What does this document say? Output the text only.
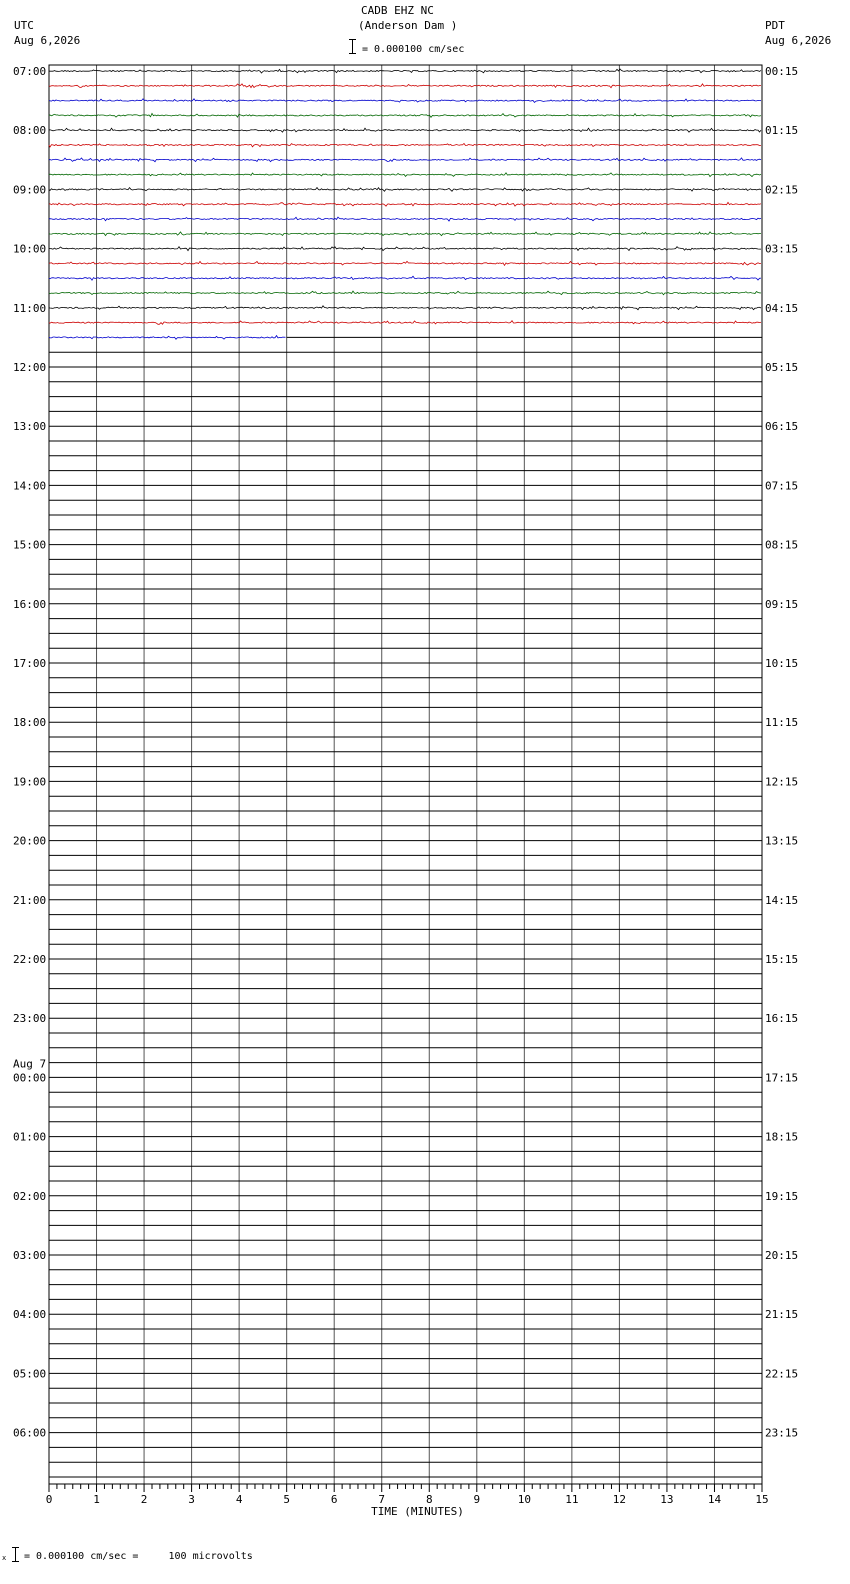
CADB EHZ NC
(Anderson Dam )
= 0.000100 cm/sec
UTC
Aug 6,2026
PDT
Aug 6,2026
07:00
08:00
09:00
10:00
11:00
12:00
13:00
14:00
15:00
16:00
17:00
18:00
19:00
20:00
21:00
22:00
23:00
00:00
Aug 7
01:00
02:00
03:00
04:00
05:00
06:00
00:15
01:15
02:15
03:15
04:15
05:15
06:15
07:15
08:15
09:15
10:15
11:15
12:15
13:15
14:15
15:15
16:15
17:15
18:15
19:15
20:15
21:15
22:15
23:15
0	1	2	3	4	5	6	7	8	9	10	11	12	13	14	15
TIME (MINUTES)
x = 0.000100 cm/sec =     100 microvolts
